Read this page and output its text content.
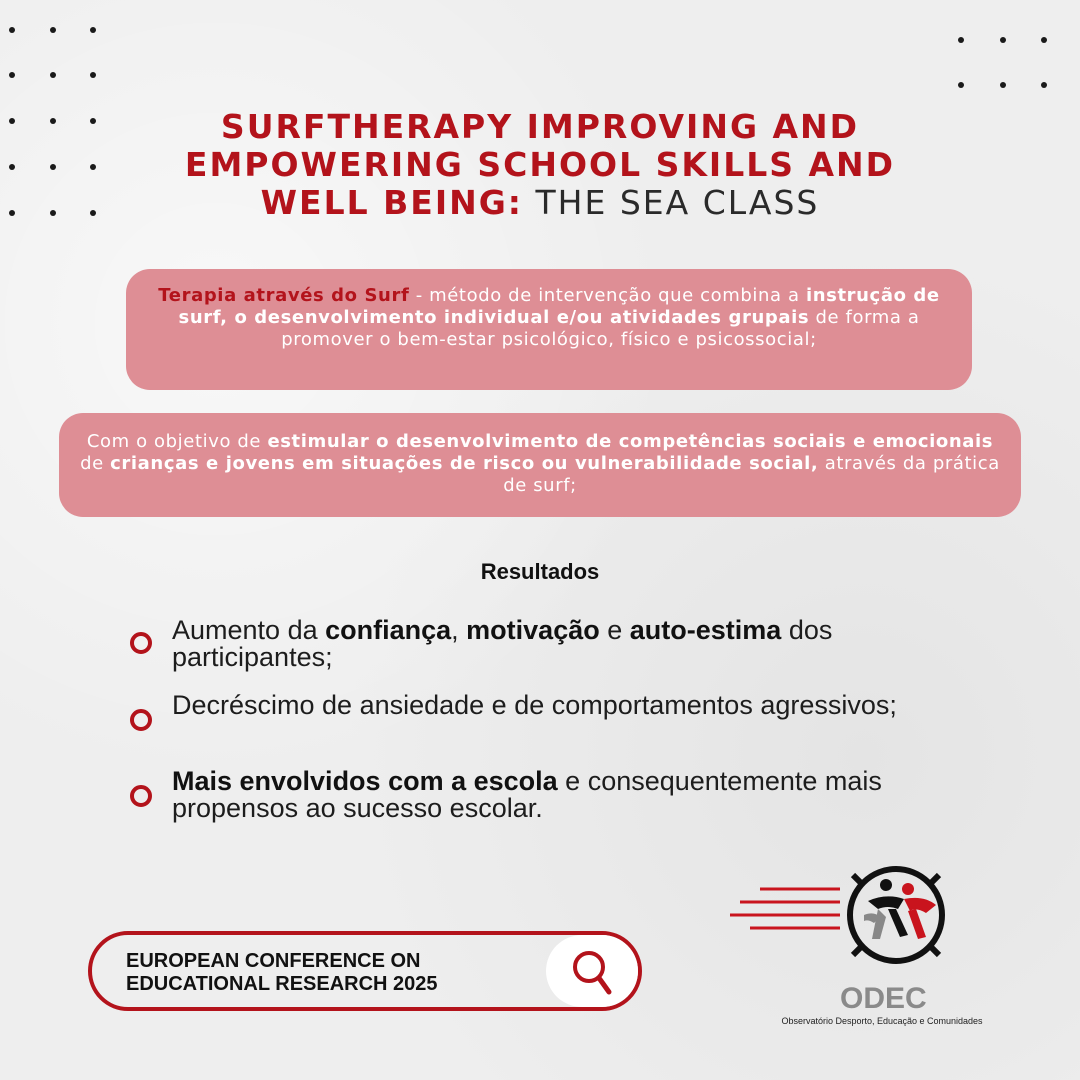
SURFTHERAPY IMPROVING AND EMPOWERING SCHOOL SKILLS AND WELL BEING: THE SEA CLASS
Terapia através do Surf - método de intervenção que combina a instrução de surf, o desenvolvimento individual e/ou atividades grupais de forma a promover o bem-estar psicológico, físico e psicossocial;
Com o objetivo de estimular o desenvolvimento de competências sociais e emocionais de crianças e jovens em situações de risco ou vulnerabilidade social, através da prática de surf;
Resultados
Aumento da confiança, motivação e auto-estima dos participantes;
Decréscimo de ansiedade e de comportamentos agressivos;
Mais envolvidos com a escola e consequentemente mais propensos ao sucesso escolar.
EUROPEAN CONFERENCE ON EDUCATIONAL RESEARCH 2025	ODEC
Observatório Desporto, Educação e Comunidades
